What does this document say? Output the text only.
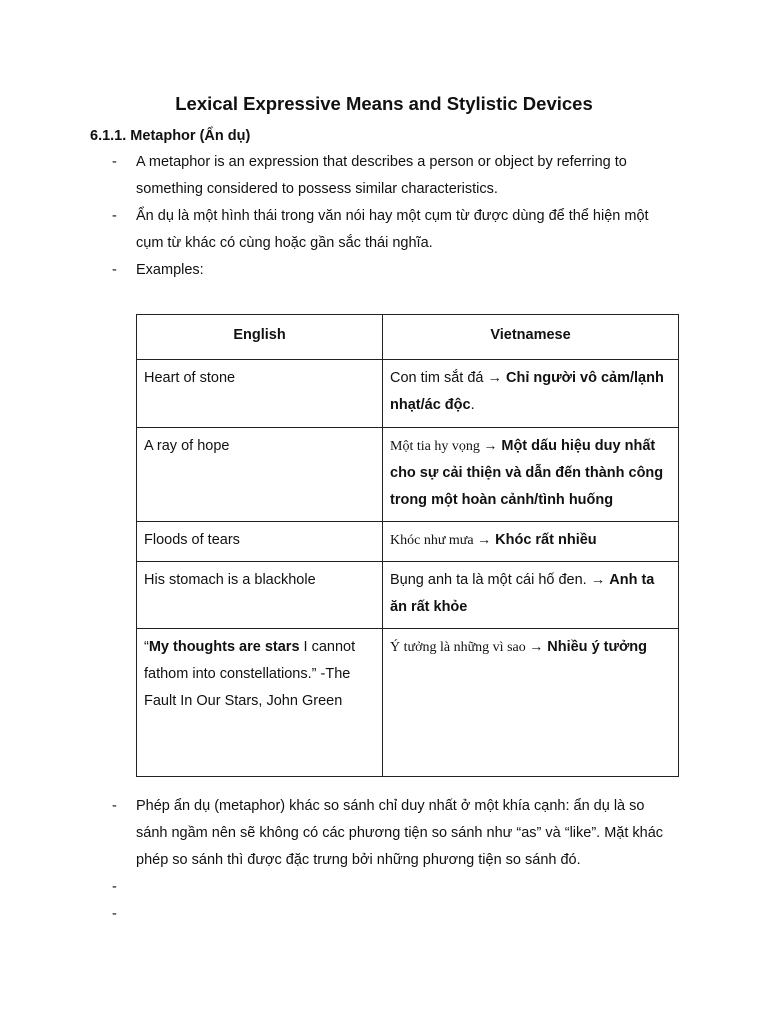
Lexical Expressive Means and Stylistic Devices
6.1.1. Metaphor (Ẩn dụ)
- A metaphor is an expression that describes a person or object by referring to something considered to possess similar characteristics.
- Ẩn dụ là một hình thái trong văn nói hay một cụm từ được dùng để thể hiện một cụm từ khác có cùng hoặc gần sắc thái nghĩa.
- Examples:
English	Vietnamese
Heart of stone	Con tim sắt đá → Chỉ người vô cảm/lạnh nhạt/ác độc.
A ray of hope	Một tia hy vọng → Một dấu hiệu duy nhất cho sự cải thiện và dẫn đến thành công trong một hoàn cảnh/tình huống
Floods of tears	Khóc như mưa → Khóc rất nhiều
His stomach is a blackhole	Bụng anh ta là một cái hố đen. → Anh ta ăn rất khỏe
“My thoughts are stars I cannot fathom into constellations.” -The Fault In Our Stars, John Green	Ý tưởng là những vì sao → Nhiều ý tưởng
- Phép ẩn dụ (metaphor) khác so sánh chỉ duy nhất ở một khía cạnh: ẩn dụ là so sánh ngầm nên sẽ không có các phương tiện so sánh như “as” và “like”. Mặt khác phép so sánh thì được đặc trưng bởi những phương tiện so sánh đó.
-
-
